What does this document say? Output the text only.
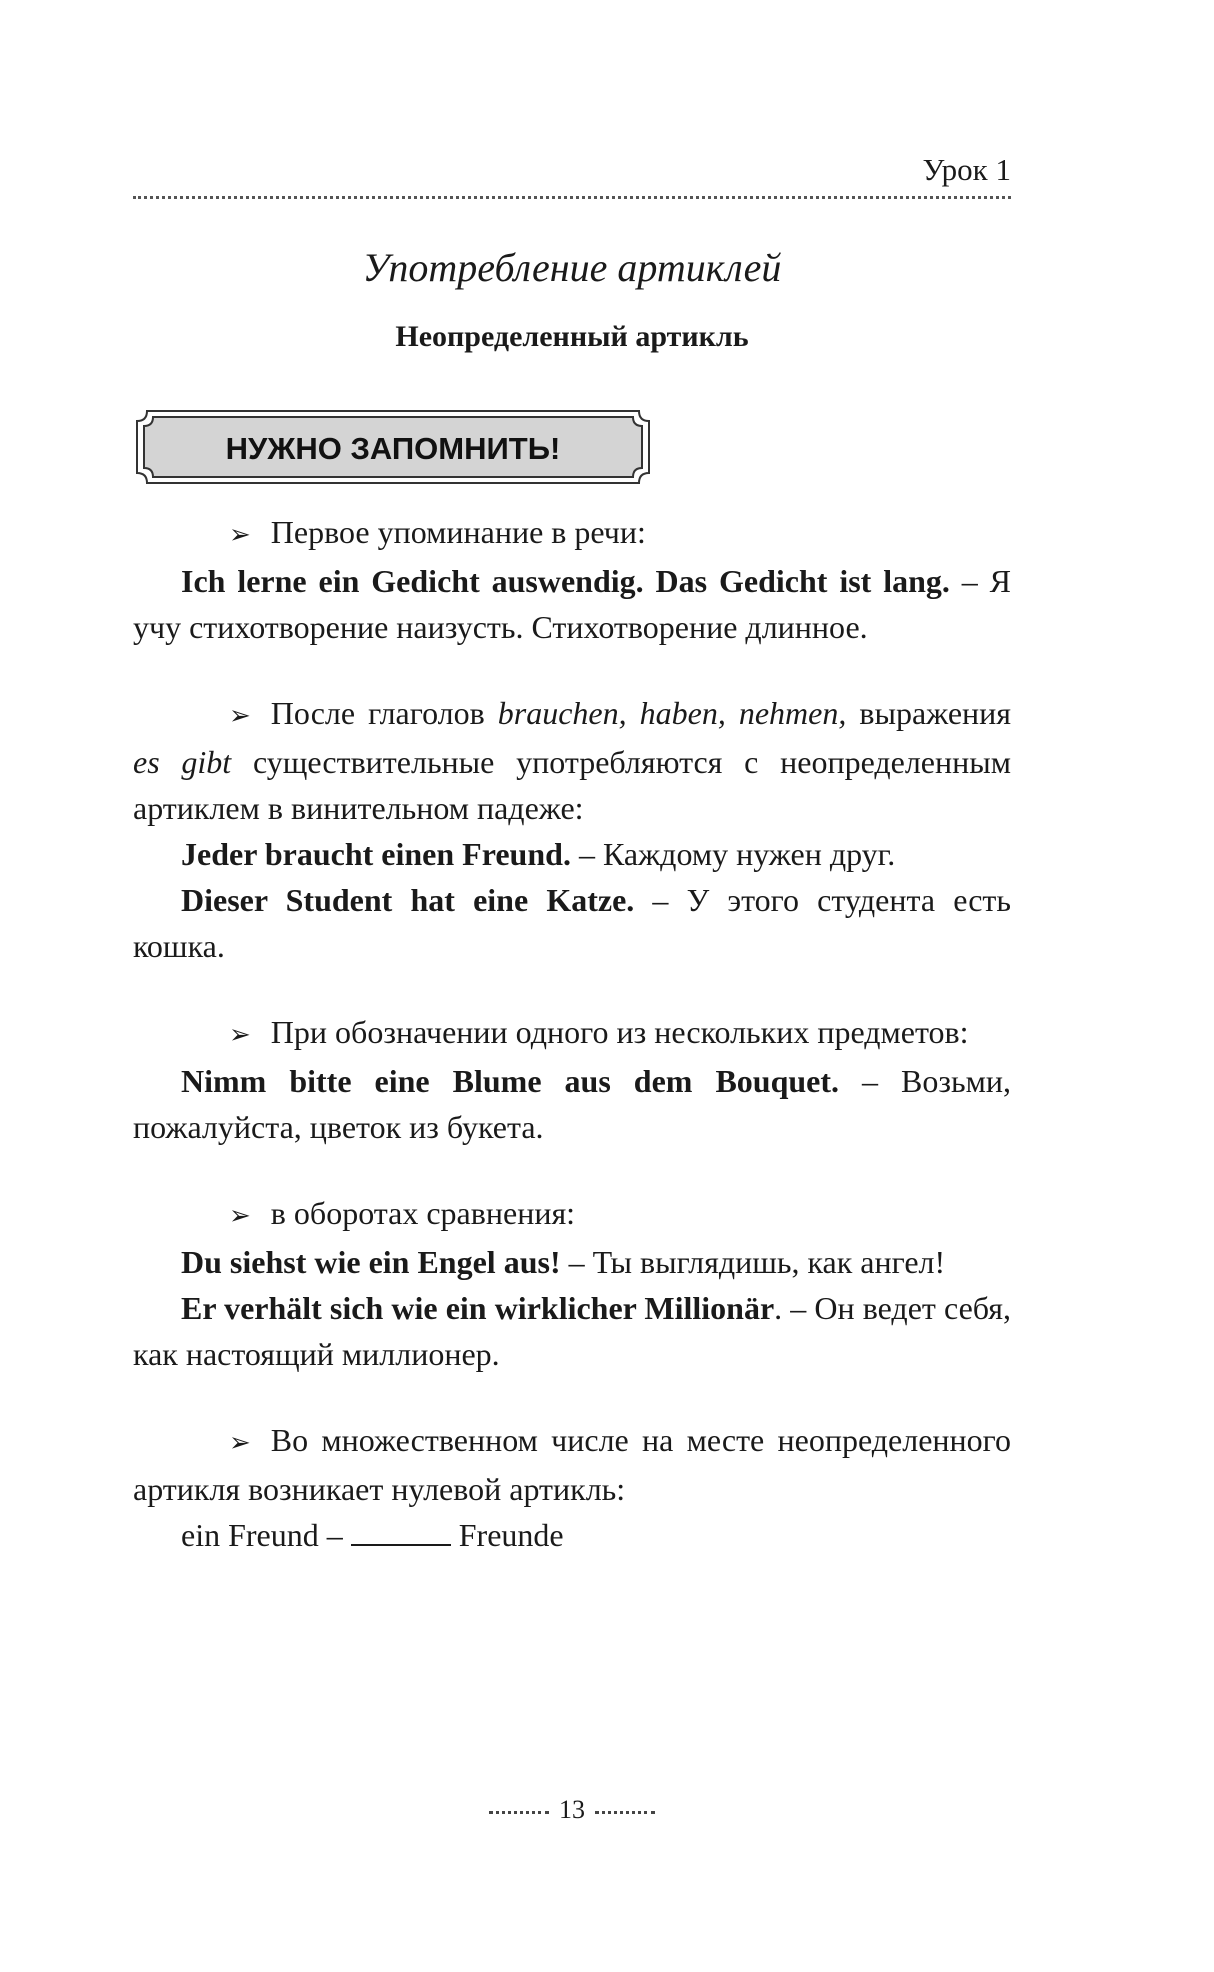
Урок 1
Употребление артиклей
Неопределенный артикль
НУЖНО ЗАПОМНИТЬ!

➢ Первое упоминание в речи:

Ich lerne ein Gedicht auswendig. Das Gedicht ist lang. – Я учу стихотворение наизусть. Стихотворение длинное.

➢ После глаголов brauchen, haben, nehmen, выражения es gibt существительные употребляются с неопределенным артиклем в винительном падеже:

Jeder braucht einen Freund. – Каждому нужен друг.

Dieser Student hat eine Katze. – У этого студента есть кошка.

➢ При обозначении одного из нескольких предметов:

Nimm bitte eine Blume aus dem Bouquet. – Возьми, пожалуйста, цветок из букета.

➢ в оборотах сравнения:

Du siehst wie ein Engel aus! – Ты выглядишь, как ангел!

Er verhält sich wie ein wirklicher Millionär. – Он ведет себя, как настоящий миллионер.

➢ Во множественном числе на месте неопределенного артикля возникает нулевой артикль:

ein Freund –	Freunde

13
